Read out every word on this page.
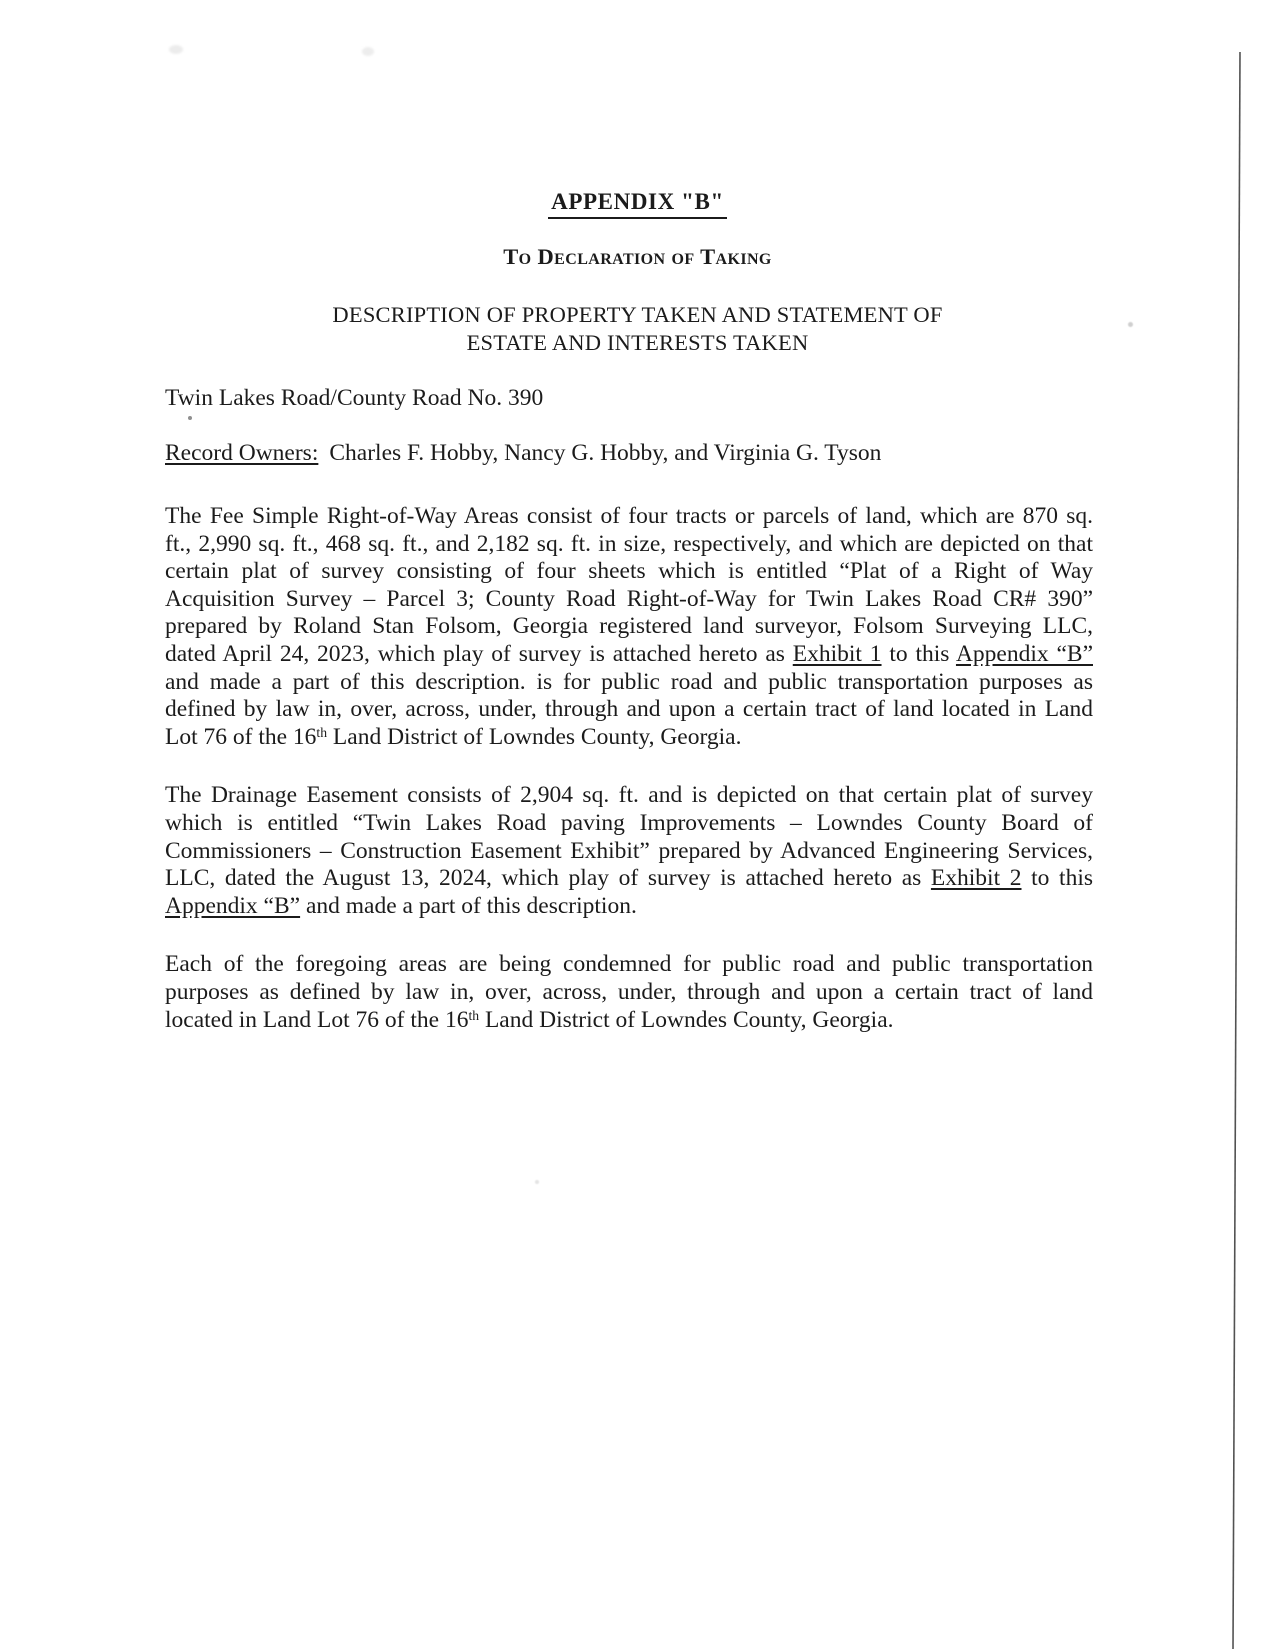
APPENDIX "B"
To Declaration of Taking
DESCRIPTION OF PROPERTY TAKEN AND STATEMENT OF
ESTATE AND INTERESTS TAKEN
Twin Lakes Road/County Road No. 390
Record Owners: Charles F. Hobby, Nancy G. Hobby, and Virginia G. Tyson
The Fee Simple Right-of-Way Areas consist of four tracts or parcels of land, which are 870 sq.
ft., 2,990 sq. ft., 468 sq. ft., and 2,182 sq. ft. in size, respectively, and which are depicted on that
certain plat of survey consisting of four sheets which is entitled “Plat of a Right of Way
Acquisition Survey – Parcel 3; County Road Right-of-Way for Twin Lakes Road CR# 390”
prepared by Roland Stan Folsom, Georgia registered land surveyor, Folsom Surveying LLC,
dated April 24, 2023, which play of survey is attached hereto as Exhibit 1 to this Appendix “B”
and made a part of this description. is for public road and public transportation purposes as
defined by law in, over, across, under, through and upon a certain tract of land located in Land
Lot 76 of the 16th Land District of Lowndes County, Georgia.
The Drainage Easement consists of 2,904 sq. ft. and is depicted on that certain plat of survey
which is entitled “Twin Lakes Road paving Improvements – Lowndes County Board of
Commissioners – Construction Easement Exhibit” prepared by Advanced Engineering Services,
LLC, dated the August 13, 2024, which play of survey is attached hereto as Exhibit 2 to this
Appendix “B” and made a part of this description.
Each of the foregoing areas are being condemned for public road and public transportation
purposes as defined by law in, over, across, under, through and upon a certain tract of land
located in Land Lot 76 of the 16th Land District of Lowndes County, Georgia.
